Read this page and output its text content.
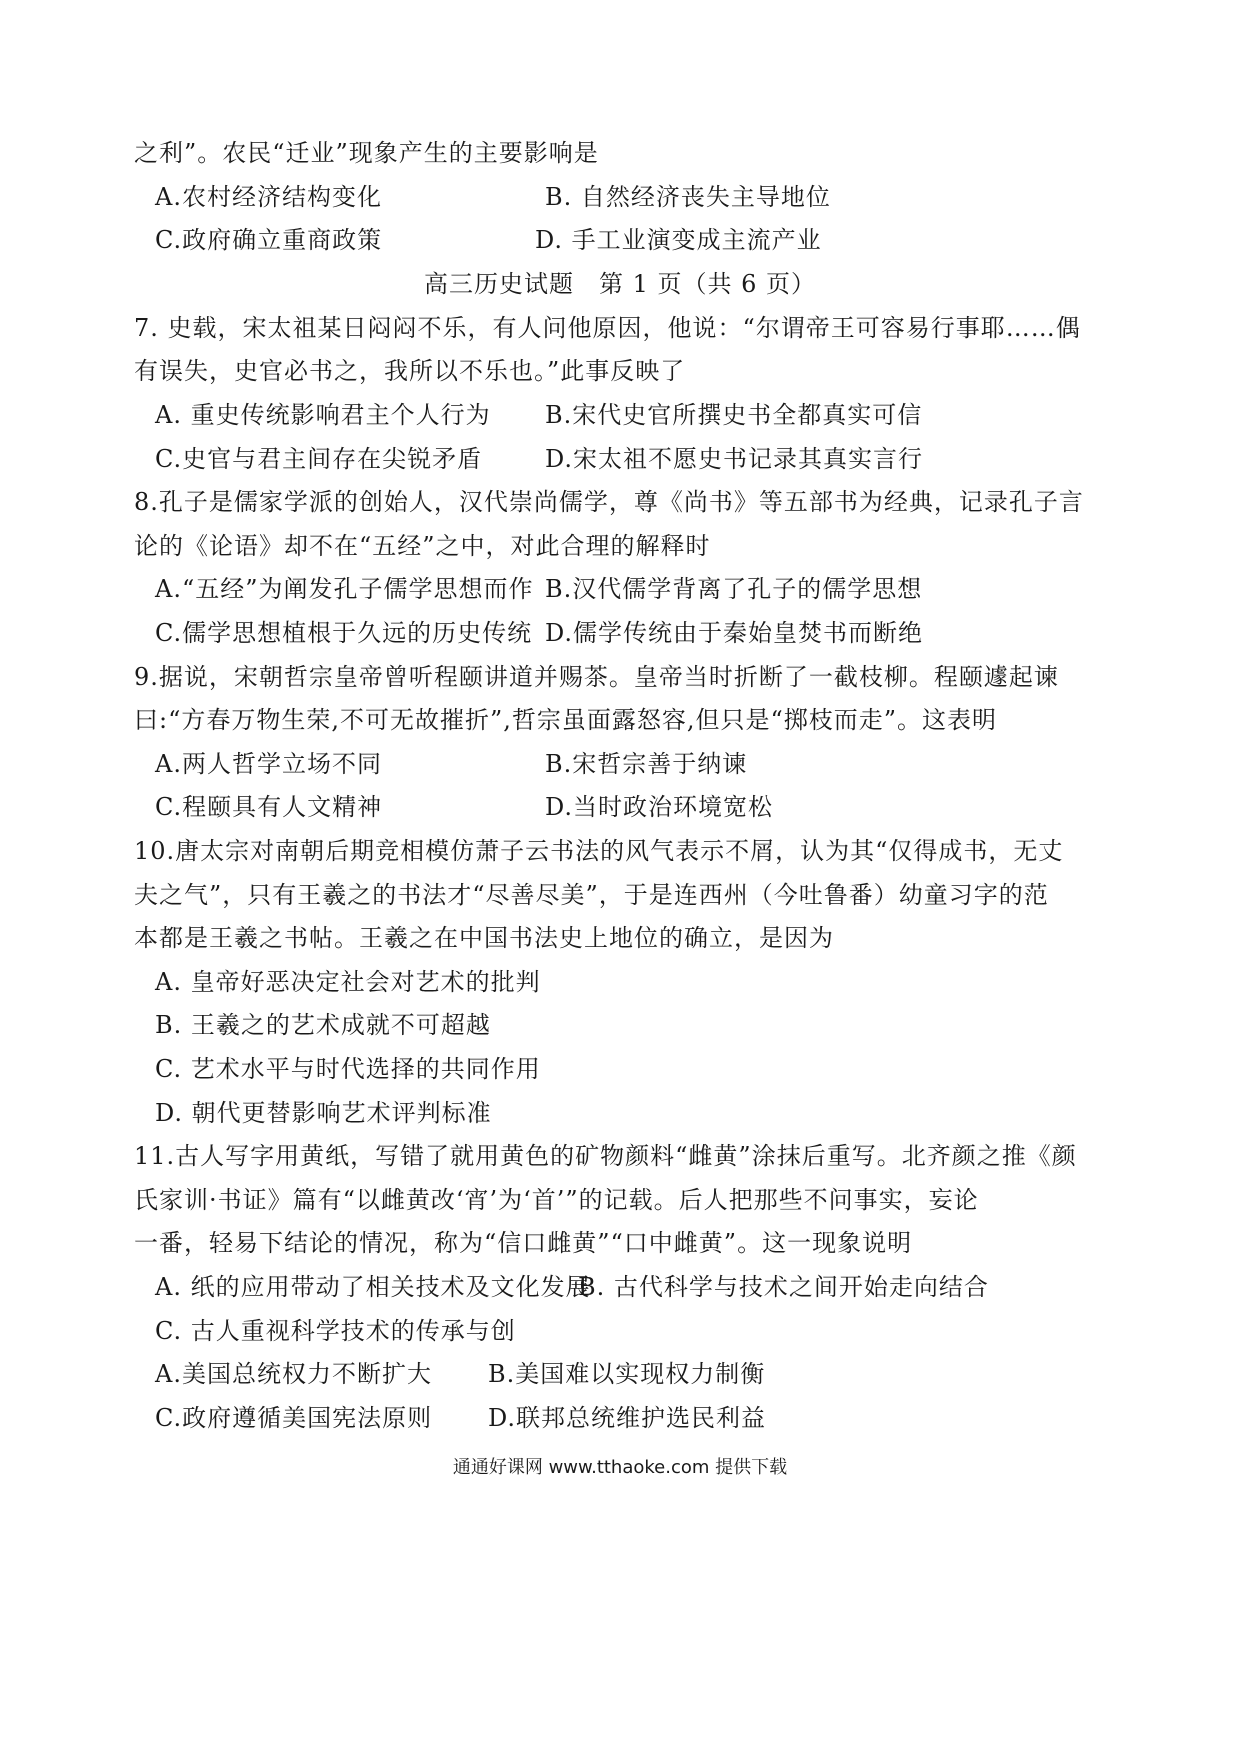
之利”。农民“迁业”现象产生的主要影响是
A.农村经济结构变化	B. 自然经济丧失主导地位
C.政府确立重商政策	D. 手工业演变成主流产业
高三历史试题　第 1 页（共 6 页）
7. 史载，宋太祖某日闷闷不乐，有人问他原因，他说：“尔谓帝王可容易行事耶……偶
有误失，史官必书之，我所以不乐也。”此事反映了
A. 重史传统影响君主个人行为 B.宋代史官所撰史书全都真实可信
C.史官与君主间存在尖锐矛盾	D.宋太祖不愿史书记录其真实言行
8.孔子是儒家学派的创始人，汉代崇尚儒学，尊《尚书》等五部书为经典，记录孔子言
论的《论语》却不在“五经”之中，对此合理的解释时
A.“五经”为阐发孔子儒学思想而作 B.汉代儒学背离了孔子的儒学思想
C.儒学思想植根于久远的历史传统 D.儒学传统由于秦始皇焚书而断绝
9.据说，宋朝哲宗皇帝曾听程颐讲道并赐茶。皇帝当时折断了一截枝柳。程颐遽起谏
曰:“方春万物生荣,不可无故摧折”,哲宗虽面露怒容,但只是“掷枝而走”。这表明
A.两人哲学立场不同	B.宋哲宗善于纳谏
C.程颐具有人文精神	D.当时政治环境宽松
10.唐太宗对南朝后期竞相模仿萧子云书法的风气表示不屑，认为其“仅得成书，无丈
夫之气”，只有王羲之的书法才“尽善尽美”，于是连西州（今吐鲁番）幼童习字的范
本都是王羲之书帖。王羲之在中国书法史上地位的确立，是因为
A. 皇帝好恶决定社会对艺术的批判
B. 王羲之的艺术成就不可超越
C. 艺术水平与时代选择的共同作用
D. 朝代更替影响艺术评判标准
11.古人写字用黄纸，写错了就用黄色的矿物颜料“雌黄”涂抹后重写。北齐颜之推《颜
氏家训·书证》篇有“以雌黄改‘宵’为‘首’”的记载。后人把那些不问事实，妄论
一番，轻易下结论的情况，称为“信口雌黄”“口中雌黄”。这一现象说明
A. 纸的应用带动了相关技术及文化发展
B. 古代科学与技术之间开始走向结合
C. 古人重视科学技术的传承与创
A.美国总统权力不断扩大 B.美国难以实现权力制衡
C.政府遵循美国宪法原则 D.联邦总统维护选民利益
通通好课网 www.tthaoke.com 提供下载
